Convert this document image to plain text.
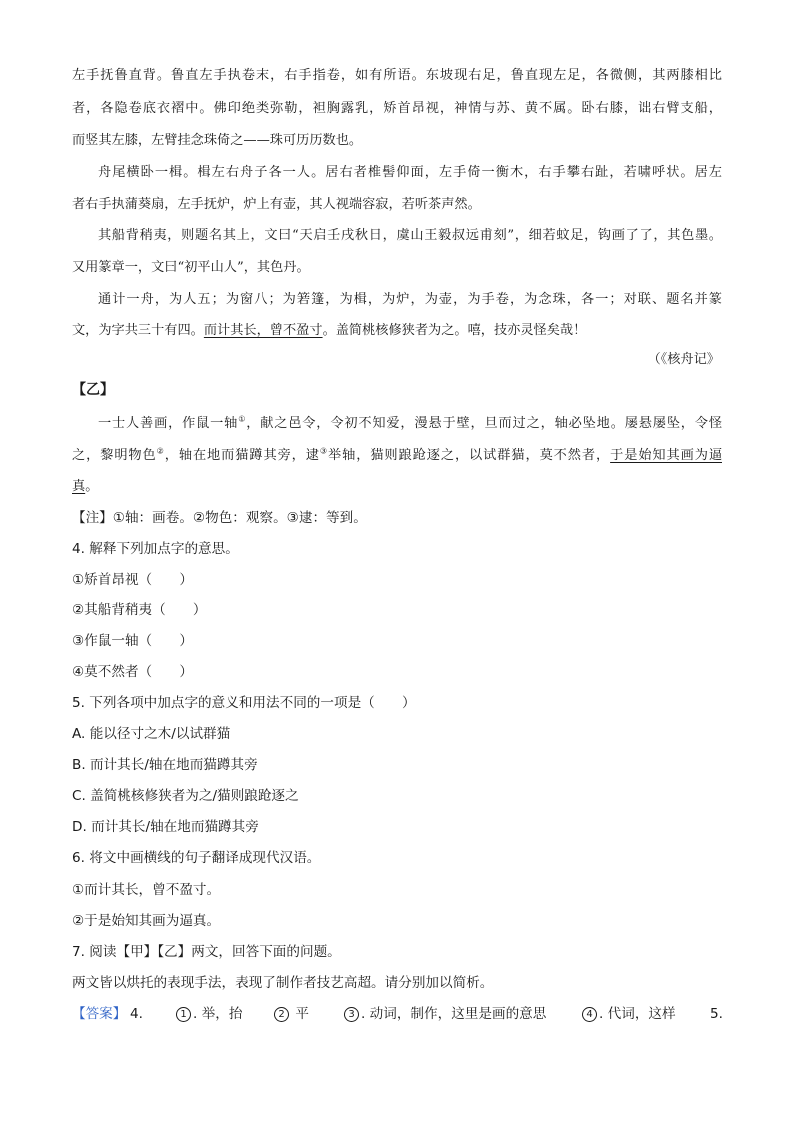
左手抚鲁直背。鲁直左手执卷末，右手指卷，如有所语。东坡现右足，鲁直现左足，各微侧，其两膝相比
者，各隐卷底衣褶中。佛印绝类弥勒，袒胸露乳，矫首昂视，神情与苏、黄不属。卧右膝，诎右臂支船，
而竖其左膝，左臂挂念珠倚之——珠可历历数也。
舟尾横卧一楫。楫左右舟子各一人。居右者椎髻仰面，左手倚一衡木，右手攀右趾，若啸呼状。居左
者右手执蒲葵扇，左手抚炉，炉上有壶，其人视端容寂，若听茶声然。
其船背稍夷，则题名其上，文曰“天启壬戌秋日，虞山王毅叔远甫刻”，细若蚊足，钩画了了，其色墨。
又用篆章一，文曰“初平山人”，其色丹。
通计一舟，为人五；为窗八；为箬篷，为楫，为炉，为壶，为手卷，为念珠，各一；对联、题名并篆
文，为字共三十有四。而计其长，曾不盈寸。盖简桃核修狭者为之。嘻，技亦灵怪矣哉！
（《核舟记》
【乙】
一士人善画，作鼠一轴①，献之邑令，令初不知爱，漫悬于壁，旦而过之，轴必坠地。屡悬屡坠，令怪
之，黎明物色②，轴在地而猫蹲其旁，逮③举轴，猫则踉跄逐之，以试群猫，莫不然者，于是始知其画为逼
真。
【注】①轴：画卷。②物色：观察。③逮：等到。
4. 解释下列加点字的意思。
①矫首昂视（　　）
②其船背稍夷（　　）
③作鼠一轴（　　）
④莫不然者（　　）
5. 下列各项中加点字的意义和用法不同的一项是（　　）
A. 能以径寸之木/以试群猫
B. 而计其长/轴在地而猫蹲其旁
C. 盖简桃核修狭者为之/猫则踉跄逐之
D. 而计其长/轴在地而猫蹲其旁
6. 将文中画横线的句子翻译成现代汉语。
①而计其长，曾不盈寸。
②于是始知其画为逼真。
7. 阅读【甲】【乙】两文，回答下面的问题。
两文皆以烘托的表现手法，表现了制作者技艺高超。请分别加以简析。
【答案】 4.	1 . 举，抬	2 平	3 . 动词，制作，这里是画的意思	4 . 代词，这样	5.
